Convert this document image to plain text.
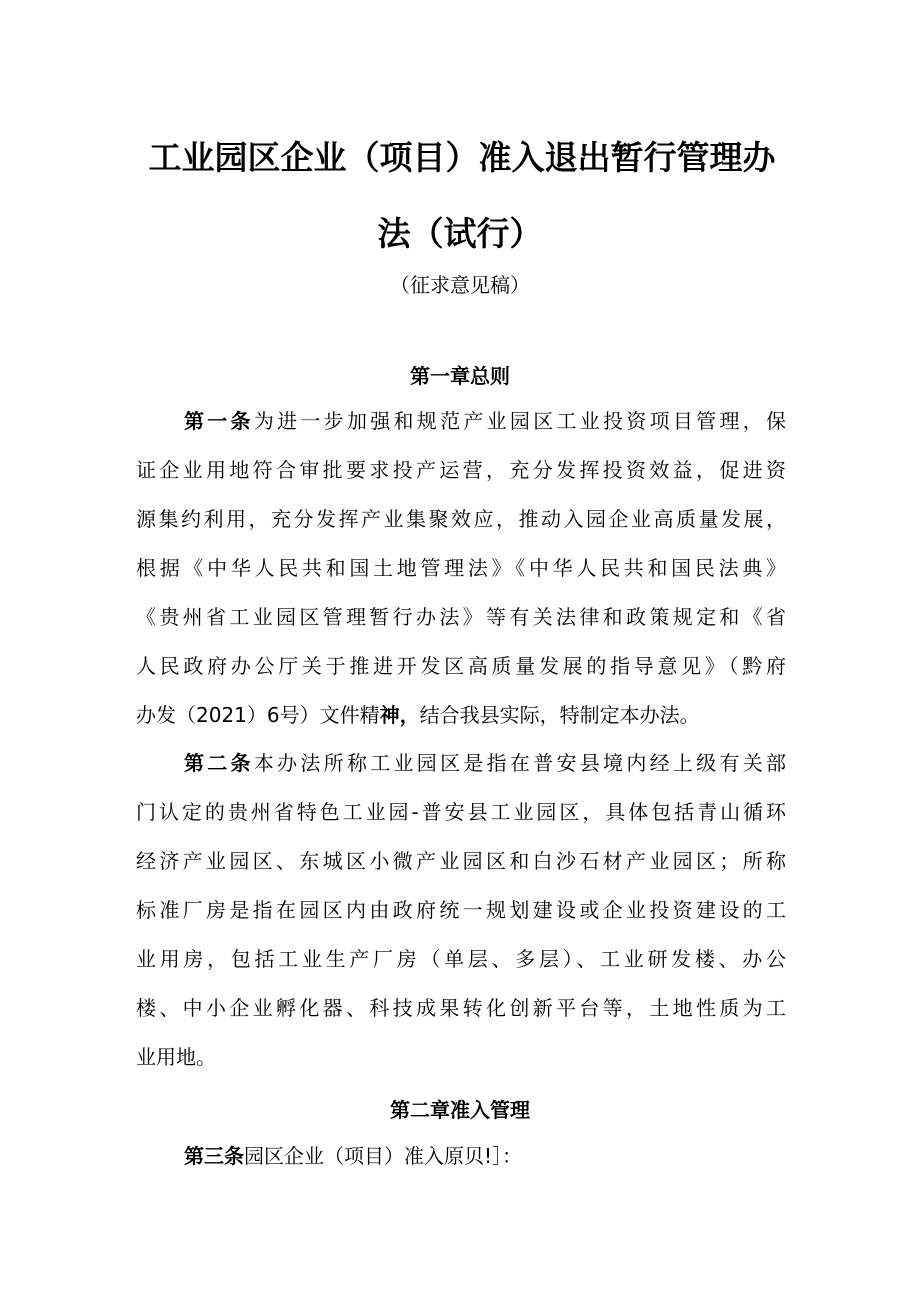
工业园区企业（项目）准入退出暂行管理办
法（试行）
（征求意见稿）
第一章总则
第一条为进一步加强和规范产业园区工业投资项目管理，保
证企业用地符合审批要求投产运营，充分发挥投资效益，促进资
源集约利用，充分发挥产业集聚效应，推动入园企业高质量发展，
根据《中华人民共和国土地管理法》《中华人民共和国民法典》
《贵州省工业园区管理暂行办法》等有关法律和政策规定和《省
人民政府办公厅关于推进开发区高质量发展的指导意见》（黔府
办发（2021）6号）文件精神，结合我县实际，特制定本办法。
第二条本办法所称工业园区是指在普安县境内经上级有关部
门认定的贵州省特色工业园-普安县工业园区，具体包括青山循环
经济产业园区、东城区小微产业园区和白沙石材产业园区；所称
标准厂房是指在园区内由政府统一规划建设或企业投资建设的工
业用房，包括工业生产厂房（单层、多层）、工业研发楼、办公
楼、中小企业孵化器、科技成果转化创新平台等，土地性质为工
业用地。
第二章准入管理
第三条园区企业（项目）准入原贝!］：
